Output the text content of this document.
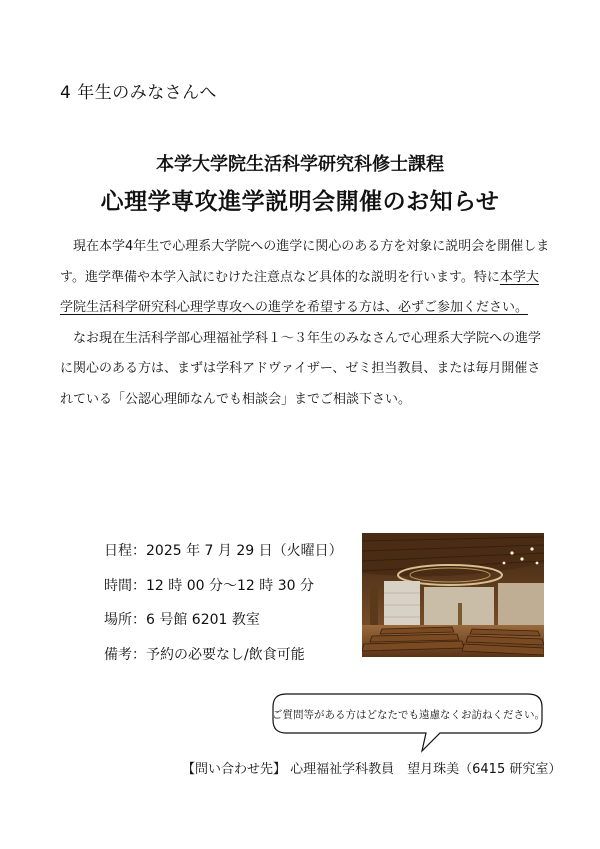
4 年生のみなさんへ
本学大学院生活科学研究科修士課程
心理学専攻進学説明会開催のお知らせ

現在本学4年生で心理系大学院への進学に関心のある方を対象に説明会を開催します。進学準備や本学入試にむけた注意点など具体的な説明を行います。特に本学大学院生活科学研究科心理学専攻への進学を希望する方は、必ずご参加ください。

なお現在生活科学部心理福祉学科１～３年生のみなさんで心理系大学院への進学に関心のある方は、まずは学科アドヴァイザー、ゼミ担当教員、または毎月開催されている「公認心理師なんでも相談会」までご相談下さい。

日程：2025 年 7 月 29 日（火曜日）
時間：12 時 00 分～12 時 30 分
場所：6 号館 6201 教室
備考：予約の必要なし/飲食可能
ご質問等がある方はどなたでも遠慮なくお訪ねください。
【問い合わせ先】 心理福祉学科教員　望月珠美（6415 研究室）
